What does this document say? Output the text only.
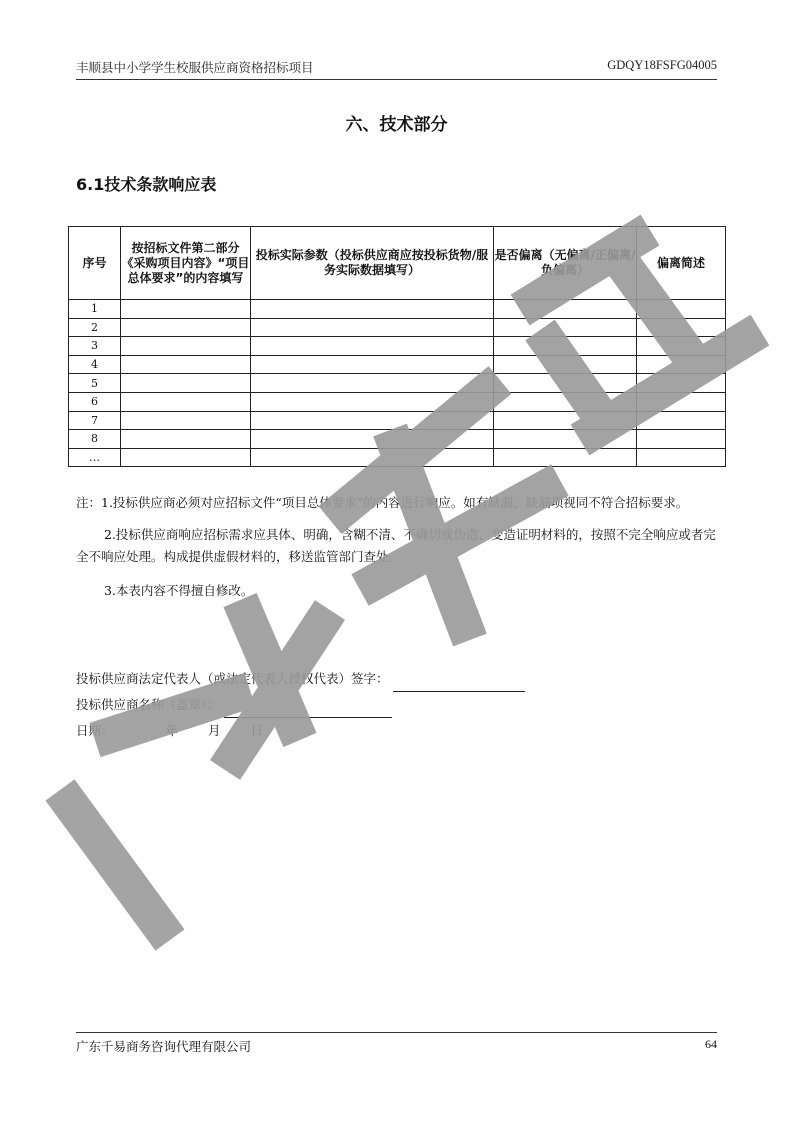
丰顺县中小学学生校服供应商资格招标项目	GDQY18FSFG04005
六、技术部分
6.1技术条款响应表
序号	按招标文件第二部分《采购项目内容》“项目总体要求”的内容填写	投标实际参数（投标供应商应按投标货物/服务实际数据填写）	是否偏离（无偏离/正偏离/负偏离）	偏离简述
1				
2				
3				
4				
5				
6				
7				
8				
…				

注：1.投标供应商必须对应招标文件“项目总体要求”的内容进行响应。如有缺漏，缺漏项视同不符合招标要求。

2.投标供应商响应招标需求应具体、明确，含糊不清、不确切或伪造、变造证明材料的，按照不完全响应或者完全不响应处理。构成提供虚假材料的，移送监管部门查处。

3.本表内容不得擅自修改。

投标供应商法定代表人（或法定代表人授权代表）签字：
投标供应商名称（盖章）：
日期：	年 月 日
广东千易商务咨询代理有限公司	64
